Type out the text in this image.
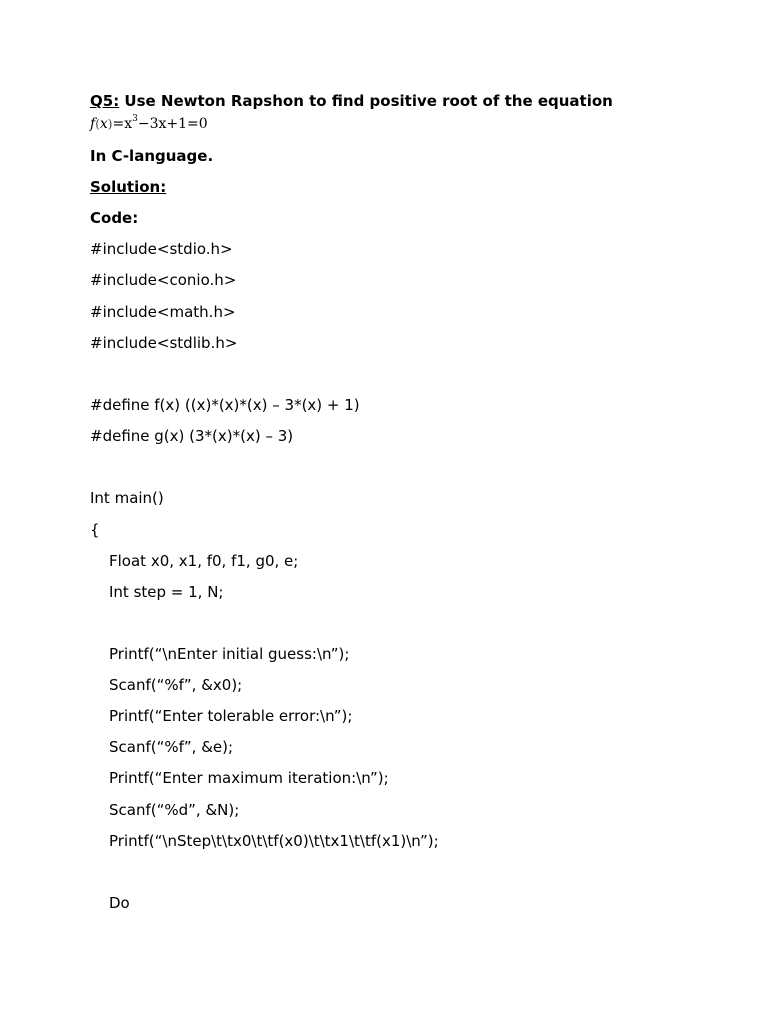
Q5: Use Newton Rapshon to find positive root of the equation
$f(x)=x^3-3x+1=0$
In C-language.
Solution:
Code:
#include<stdio.h>
#include<conio.h>
#include<math.h>
#include<stdlib.h>
#define f(x) ((x)*(x)*(x) – 3*(x) + 1)
#define g(x) (3*(x)*(x) – 3)
Int main()
{
Float x0, x1, f0, f1, g0, e;
Int step = 1, N;
Printf(“\nEnter initial guess:\n”);
Scanf(“%f”, &x0);
Printf(“Enter tolerable error:\n”);
Scanf(“%f”, &e);
Printf(“Enter maximum iteration:\n”);
Scanf(“%d”, &N);
Printf(“\nStep\t\tx0\t\tf(x0)\t\tx1\t\tf(x1)\n”);
Do
